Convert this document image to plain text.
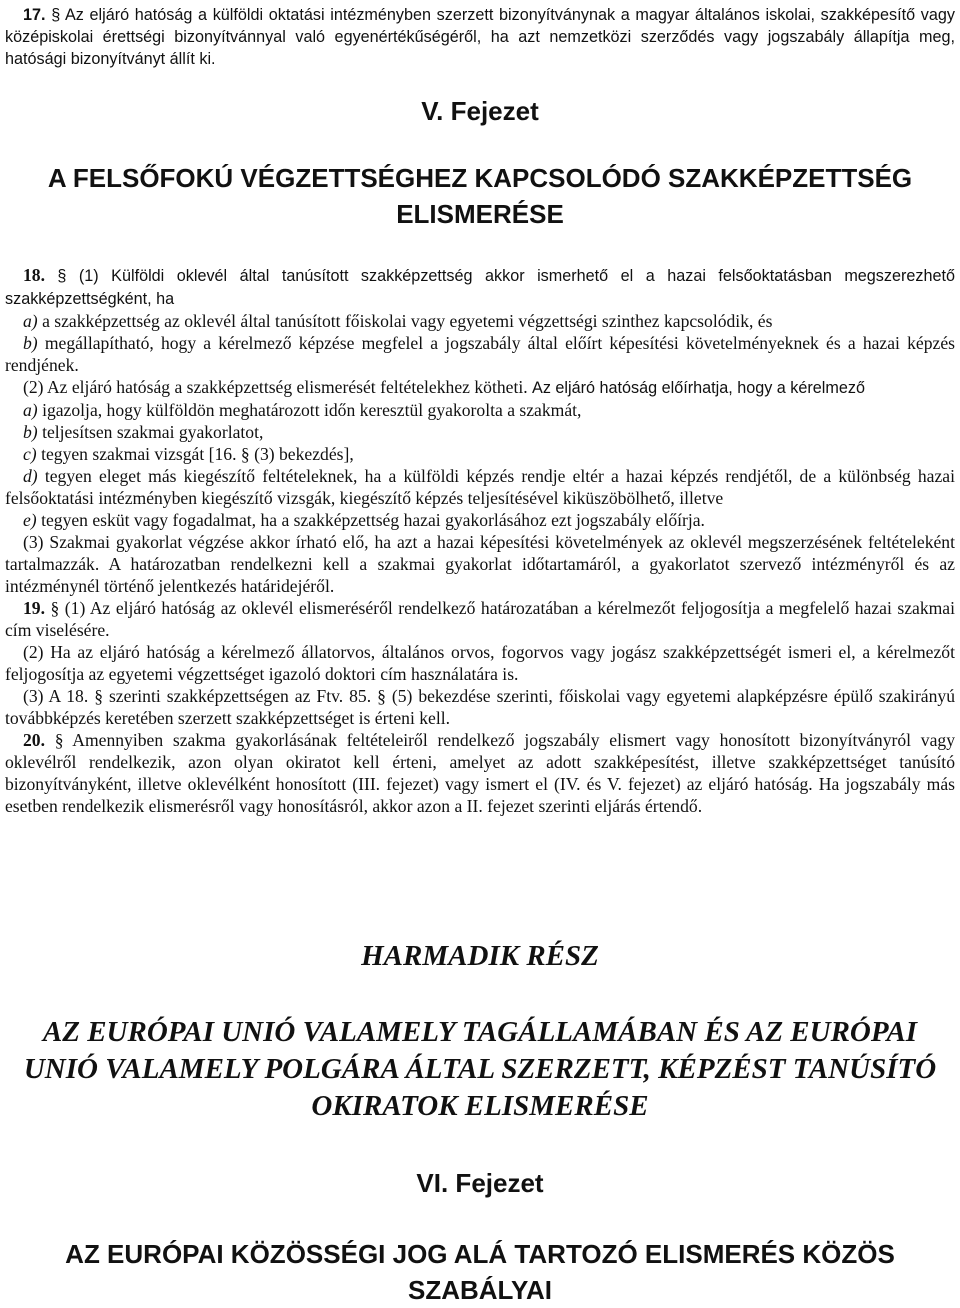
17. § Az eljáró hatóság a külföldi oktatási intézményben szerzett bizonyítványnak a magyar általános iskolai, szakképesítő vagy középiskolai érettségi bizonyítvánnyal való egyenértékűségéről, ha azt nemzetközi szerződés vagy jogszabály állapítja meg, hatósági bizonyítványt állít ki.

V. Fejezet
A FELSŐFOKÚ VÉGZETTSÉGHEZ KAPCSOLÓDÓ SZAKKÉPZETTSÉG ELISMERÉSE

18. § (1) Külföldi oklevél által tanúsított szakképzettség akkor ismerhető el a hazai felsőoktatásban megszerezhető szakképzettségként, ha

a) a szakképzettség az oklevél által tanúsított főiskolai vagy egyetemi végzettségi szinthez kapcsolódik, és

b) megállapítható, hogy a kérelmező képzése megfelel a jogszabály által előírt képesítési követelményeknek és a hazai képzés rendjének.

(2) Az eljáró hatóság a szakképzettség elismerését feltételekhez kötheti. Az eljáró hatóság előírhatja, hogy a kérelmező

a) igazolja, hogy külföldön meghatározott időn keresztül gyakorolta a szakmát,

b) teljesítsen szakmai gyakorlatot,

c) tegyen szakmai vizsgát [16. § (3) bekezdés],

d) tegyen eleget más kiegészítő feltételeknek, ha a külföldi képzés rendje eltér a hazai képzés rendjétől, de a különbség hazai felsőoktatási intézményben kiegészítő vizsgák, kiegészítő képzés teljesítésével kiküszöbölhető, illetve

e) tegyen esküt vagy fogadalmat, ha a szakképzettség hazai gyakorlásához ezt jogszabály előírja.

(3) Szakmai gyakorlat végzése akkor írható elő, ha azt a hazai képesítési követelmények az oklevél megszerzésének feltételeként tartalmazzák. A határozatban rendelkezni kell a szakmai gyakorlat időtartamáról, a gyakorlatot szervező intézményről és az intézménynél történő jelentkezés határidejéről.

19. § (1) Az eljáró hatóság az oklevél elismeréséről rendelkező határozatában a kérelmezőt feljogosítja a megfelelő hazai szakmai cím viselésére.

(2) Ha az eljáró hatóság a kérelmező állatorvos, általános orvos, fogorvos vagy jogász szakképzettségét ismeri el, a kérelmezőt feljogosítja az egyetemi végzettséget igazoló doktori cím használatára is.

(3) A 18. § szerinti szakképzettségen az Ftv. 85. § (5) bekezdése szerinti, főiskolai vagy egyetemi alapképzésre épülő szakirányú továbbképzés keretében szerzett szakképzettséget is érteni kell.

20. § Amennyiben szakma gyakorlásának feltételeiről rendelkező jogszabály elismert vagy honosított bizonyítványról vagy oklevélről rendelkezik, azon olyan okiratot kell érteni, amelyet az adott szakképesítést, illetve szakképzettséget tanúsító bizonyítványként, illetve oklevélként honosított (III. fejezet) vagy ismert el (IV. és V. fejezet) az eljáró hatóság. Ha jogszabály más esetben rendelkezik elismerésről vagy honosításról, akkor azon a II. fejezet szerinti eljárás értendő.

HARMADIK RÉSZ
AZ EURÓPAI UNIÓ VALAMELY TAGÁLLAMÁBAN ÉS AZ EURÓPAI UNIÓ VALAMELY POLGÁRA ÁLTAL SZERZETT, KÉPZÉST TANÚSÍTÓ OKIRATOK ELISMERÉSE
VI. Fejezet
AZ EURÓPAI KÖZÖSSÉGI JOG ALÁ TARTOZÓ ELISMERÉS KÖZÖS SZABÁLYAI
